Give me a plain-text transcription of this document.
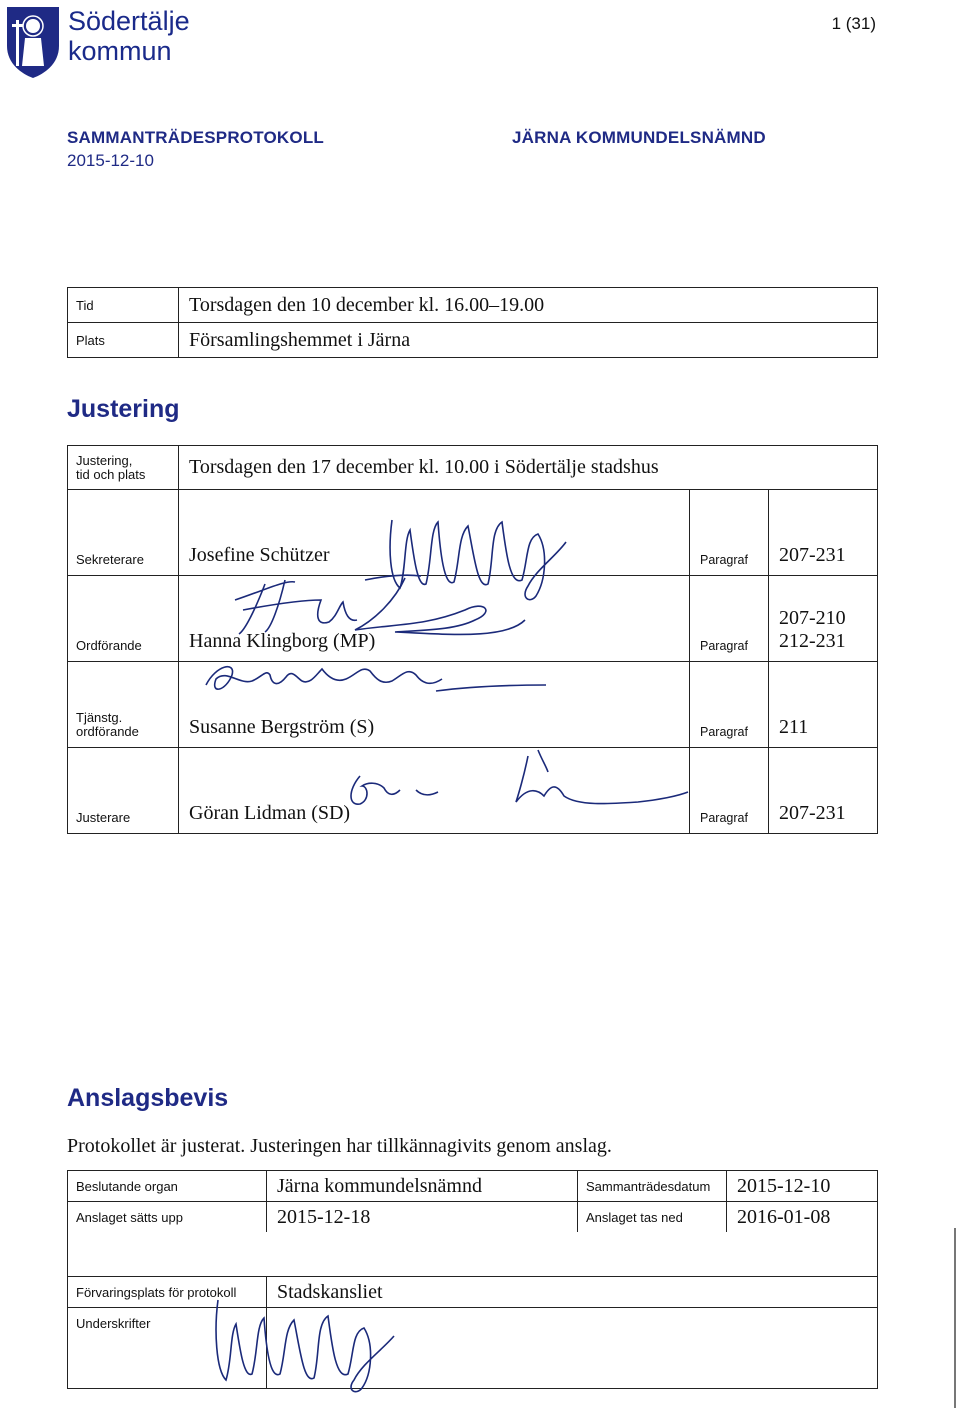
Södertälje
kommun
1 (31)
SAMMANTRÄDESPROTOKOLL
2015-12-10
JÄRNA KOMMUNDELSNÄMND
Tid	Torsdagen den 10 december kl. 16.00–19.00
Plats	Församlingshemmet i Järna
Justering
Justering,
tid och plats	Torsdagen den 17 december kl. 10.00 i Södertälje stadshus		
Sekreterare	Josefine Schützer	Paragraf	207-231

Ordförande	Hanna Klingborg (MP)	Paragraf	207-210
212-231

Tjänstg.
ordförande	Susanne Bergström (S)	Paragraf	211

Justerare	Göran Lidman (SD)	Paragraf	207-231
Anslagsbevis
Protokollet är justerat. Justeringen har tillkännagivits genom anslag.
Beslutande organ	Järna kommundelsnämnd	Sammanträdesdatum	2015-12-10
Anslaget sätts upp	2015-12-18	Anslaget tas ned	2016-01-08

Förvaringsplats för protokoll	Stadskansliet		
Underskrifter			
